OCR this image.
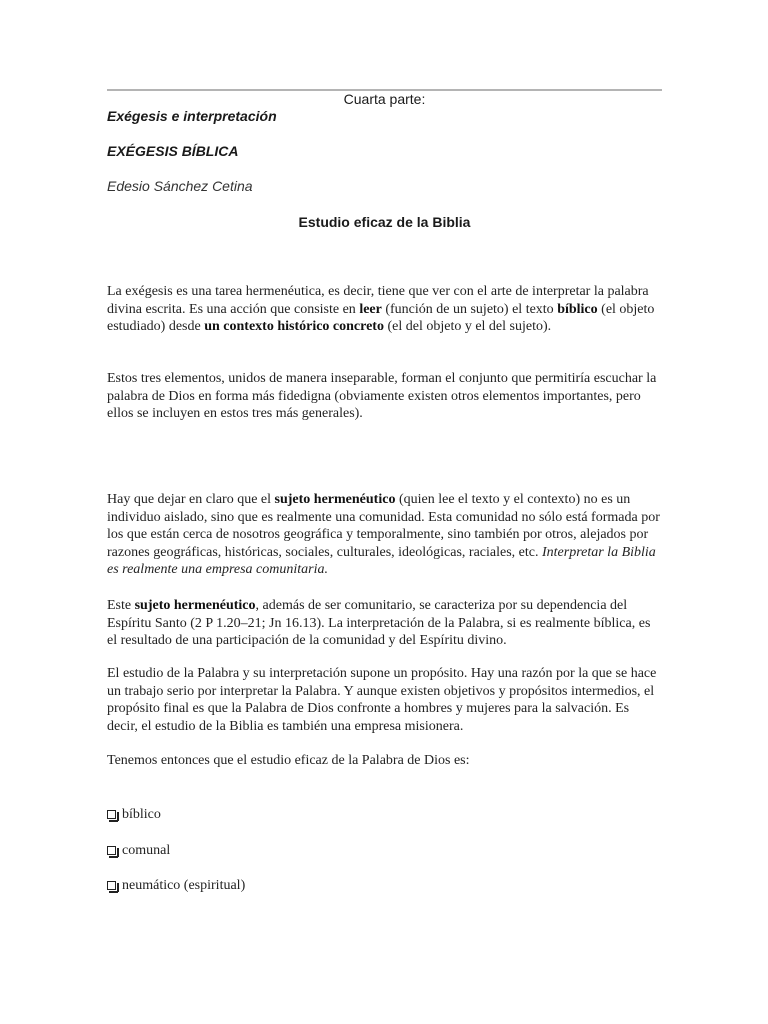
Cuarta parte:
Exégesis e interpretación
EXÉGESIS BÍBLICA
Edesio Sánchez Cetina
Estudio eficaz de la Biblia

La exégesis es una tarea hermenéutica, es decir, tiene que ver con el arte de interpretar la palabra divina escrita. Es una acción que consiste en leer (función de un sujeto) el texto bíblico (el objeto estudiado) desde un contexto histórico concreto (el del objeto y el del sujeto).

Estos tres elementos, unidos de manera inseparable, forman el conjunto que permitiría escuchar la palabra de Dios en forma más fidedigna (obviamente existen otros elementos importantes, pero ellos se incluyen en estos tres más generales).

Hay que dejar en claro que el sujeto hermenéutico (quien lee el texto y el contexto) no es un individuo aislado, sino que es realmente una comunidad. Esta comunidad no sólo está formada por los que están cerca de nosotros geográfica y temporalmente, sino también por otros, alejados por razones geográficas, históricas, sociales, culturales, ideológicas, raciales, etc. Interpretar la Biblia es realmente una empresa comunitaria.

Este sujeto hermenéutico, además de ser comunitario, se caracteriza por su dependencia del Espíritu Santo (2 P 1.20–21; Jn 16.13). La interpretación de la Palabra, si es realmente bíblica, es el resultado de una participación de la comunidad y del Espíritu divino.

El estudio de la Palabra y su interpretación supone un propósito. Hay una razón por la que se hace un trabajo serio por interpretar la Palabra. Y aunque existen objetivos y propósitos intermedios, el propósito final es que la Palabra de Dios confronte a hombres y mujeres para la salvación. Es decir, el estudio de la Biblia es también una empresa misionera.

Tenemos entonces que el estudio eficaz de la Palabra de Dios es:

bíblico
comunal
neumático (espiritual)
